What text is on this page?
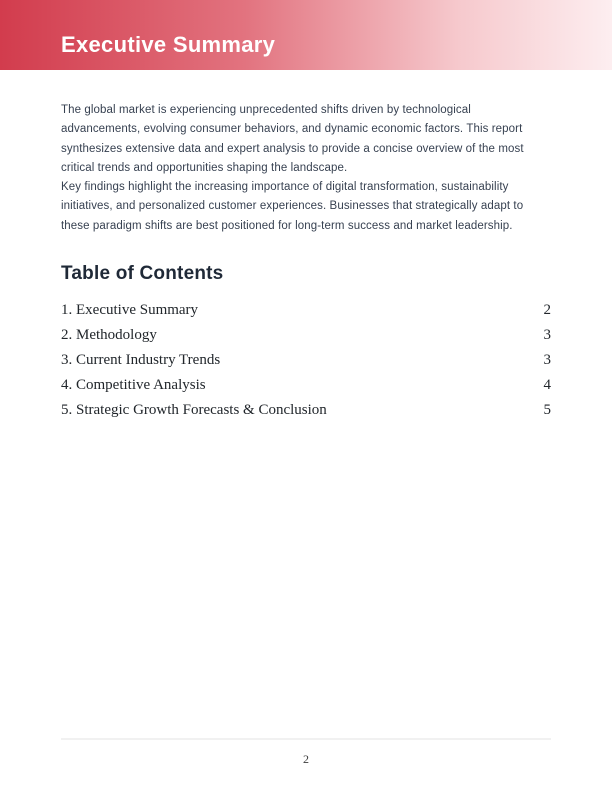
Executive Summary

The global market is experiencing unprecedented shifts driven by technological advancements, evolving consumer behaviors, and dynamic economic factors. This report synthesizes extensive data and expert analysis to provide a concise overview of the most critical trends and opportunities shaping the landscape.

Key findings highlight the increasing importance of digital transformation, sustainability initiatives, and personalized customer experiences. Businesses that strategically adapt to these paradigm shifts are best positioned for long-term success and market leadership.

Table of Contents
1. Executive Summary	2
2. Methodology	3
3. Current Industry Trends	3
4. Competitive Analysis	4
5. Strategic Growth Forecasts & Conclusion	5
2
